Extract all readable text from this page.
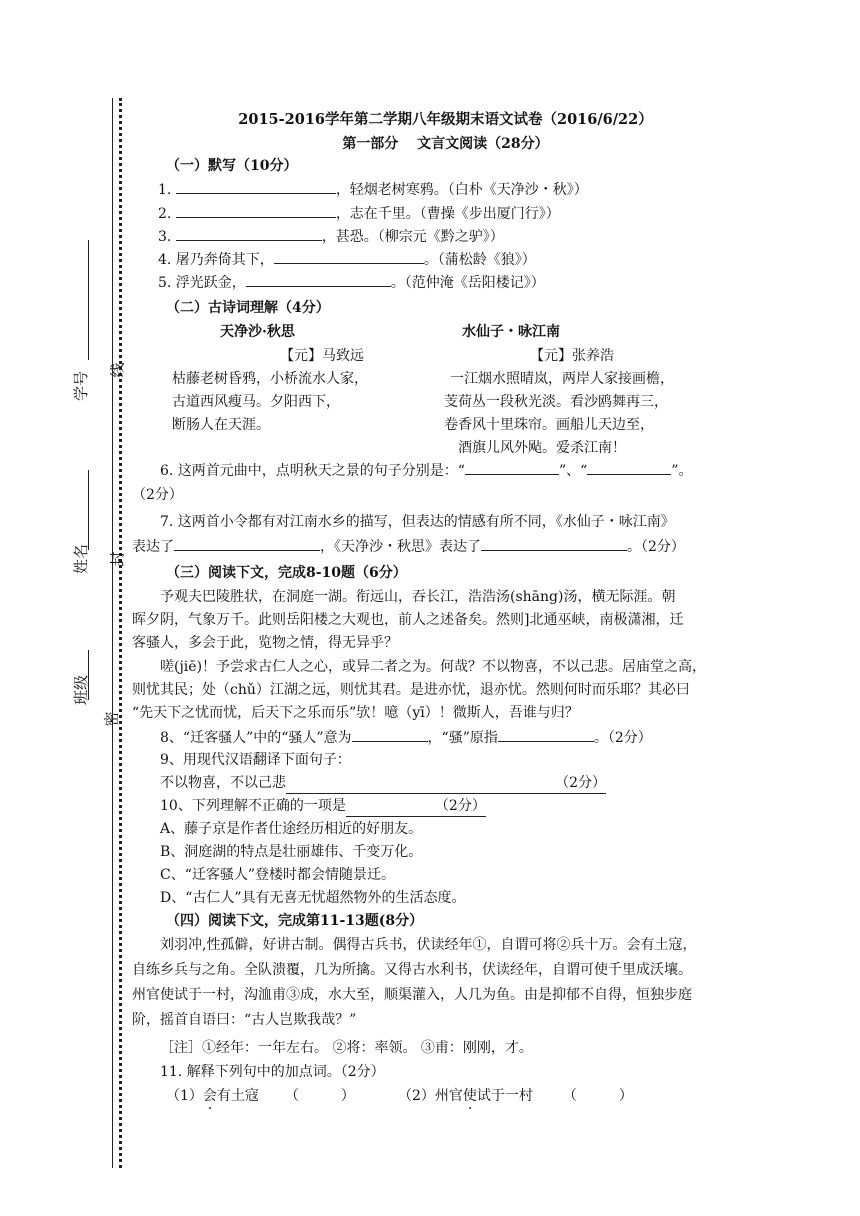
学号
姓名
班级
线
封
密
2015-2016学年第二学期八年级期末语文试卷（2016/6/22）
第一部分　 文言文阅读（28分）
（一）默写（10分）
1.	，轻烟老树寒鸦。（白朴《天净沙・秋》）
2.	，志在千里。（曹操《步出厦门行》）
3.	，甚恐。（柳宗元《黔之驴》）
4. 屠乃奔倚其下，	。（蒲松龄《狼》）
5. 浮光跃金，	。（范仲淹《岳阳楼记》）
（二）古诗词理解（4分）
天净沙·秋思	水仙子・咏江南
【元】马致远	【元】张养浩
枯藤老树昏鸦，小桥流水人家，
古道西风瘦马。夕阳西下，
断肠人在天涯。
一江烟水照晴岚，两岸人家接画檐，
芰荷丛一段秋光淡。看沙鸥舞再三，
卷香风十里珠帘。画船儿天边至，
酒旗儿风外飐。爱杀江南！
6. 这两首元曲中，点明秋天之景的句子分别是：“	”、“	”。
（2分）
7. 这两首小令都有对江南水乡的描写，但表达的情感有所不同，《水仙子・咏江南》
表达了	，《天净沙・秋思》表达了	。（2分）
（三）阅读下文，完成8-10题（6分）
予观夫巴陵胜状，在洞庭一湖。衔远山，吞长江，浩浩汤(shāng)汤，横无际涯。朝
晖夕阴，气象万千。此则岳阳楼之大观也，前人之述备矣。然则]北通巫峡，南极潇湘，迁
客骚人，多会于此，览物之情，得无异乎？
嗟(jiē)！予尝求古仁人之心，或异二者之为。何哉？不以物喜，不以己悲。居庙堂之高，
则忧其民；处（chǔ）江湖之远，则忧其君。是进亦忧，退亦忧。然则何时而乐耶？其必曰
“先天下之忧而忧，后天下之乐而乐”欤！噫（yī）！微斯人，吾谁与归？
8、“迁客骚人”中的“骚人”意为	，“骚”原指	。（2分）
9、用现代汉语翻译下面句子：
不以物喜，不以己悲	（2分）
10、下列理解不正确的一项是	（2分）
A、藤子京是作者仕途经历相近的好朋友。
B、洞庭湖的特点是壮丽雄伟、千变万化。
C、“迁客骚人”登楼时都会情随景迁。
D、“古仁人”具有无喜无忧超然物外的生活态度。
（四）阅读下文，完成第11-13题(8分）
刘羽冲,性孤僻，好讲古制。偶得古兵书，伏读经年①，自谓可将②兵十万。会有土寇，
自练乡兵与之角。全队溃覆，几为所擒。又得古水利书，伏读经年，自谓可使千里成沃壤。
州官使试于一村，沟洫甫③成，水大至，顺渠灌入，人几为鱼。由是抑郁不自得，恒独步庭
阶，摇首自语曰：“古人岂欺我哉？”
［注］①经年：一年左右。 ②将：率领。 ③甫：刚刚，才。
11. 解释下列句中的加点词。（2分）
（1）会有土寇 （　　　）	（2）州官使试于一村 （　　　）
